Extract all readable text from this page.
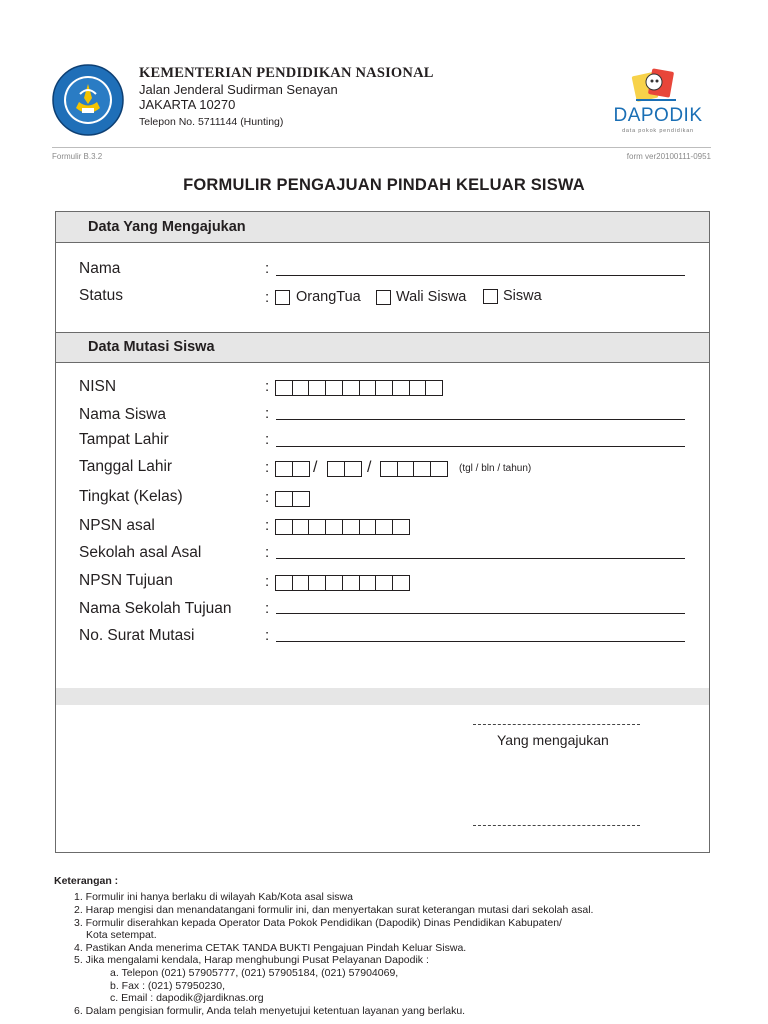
KEMENTERIAN PENDIDIKAN NASIONAL
Jalan Jenderal Sudirman Senayan
JAKARTA 10270
Telepon No. 5711144 (Hunting)	DAPODIK
data pokok pendidikan
Formulir B.3.2	form ver20100111-0951
FORMULIR PENGAJUAN PINDAH KELUAR SISWA
Data Yang Mengajukan
Nama	:
Status	: OrangTua Wali Siswa	Siswa
Data Mutasi Siswa
NISN	:
Nama Siswa	:
Tampat Lahir	:
Tanggal Lahir	:	/	/	(tgl / bln / tahun)
Tingkat (Kelas)	:
NPSN asal	:
Sekolah asal Asal	:
NPSN Tujuan	:
Nama Sekolah Tujuan :
No. Surat Mutasi	:
Yang mengajukan
Keterangan :
1. Formulir ini hanya berlaku di wilayah Kab/Kota asal siswa
2. Harap mengisi dan menandatangani formulir ini, dan menyertakan surat keterangan mutasi dari sekolah asal.
3. Formulir diserahkan kepada Operator Data Pokok Pendidikan (Dapodik) Dinas Pendidikan Kabupaten/
Kota setempat.
4. Pastikan Anda menerima CETAK TANDA BUKTI Pengajuan Pindah Keluar Siswa.
5. Jika mengalami kendala, Harap menghubungi Pusat Pelayanan Dapodik :
a. Telepon (021) 57905777, (021) 57905184, (021) 57904069,
b. Fax : (021) 57950230,
c. Email : dapodik@jardiknas.org
6. Dalam pengisian formulir, Anda telah menyetujui ketentuan layanan yang berlaku.
